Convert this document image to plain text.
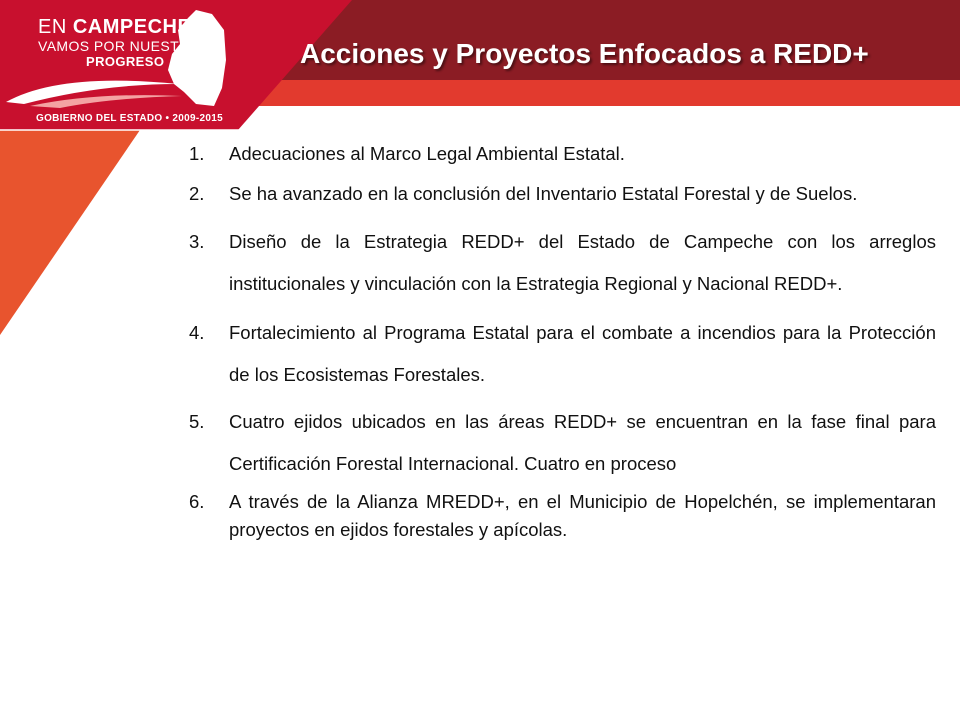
EN CAMPECHE
VAMOS POR NUESTRO
PROGRESO
GOBIERNO DEL ESTADO • 2009-2015
Acciones y Proyectos Enfocados a REDD+
1.	Adecuaciones al Marco Legal Ambiental Estatal.
2.	Se ha avanzado en la conclusión del Inventario Estatal Forestal y de Suelos.
3.	Diseño de la Estrategia REDD+ del Estado de Campeche con los arreglos institucionales y vinculación con la Estrategia Regional y Nacional REDD+.
4.	Fortalecimiento al Programa Estatal para el combate a incendios para la Protección de los Ecosistemas Forestales.
5.	Cuatro ejidos ubicados en las áreas REDD+ se encuentran en la fase final para Certificación Forestal Internacional. Cuatro en proceso
6.	A través de la Alianza MREDD+, en el Municipio de Hopelchén, se implementaran proyectos en ejidos forestales y apícolas.
